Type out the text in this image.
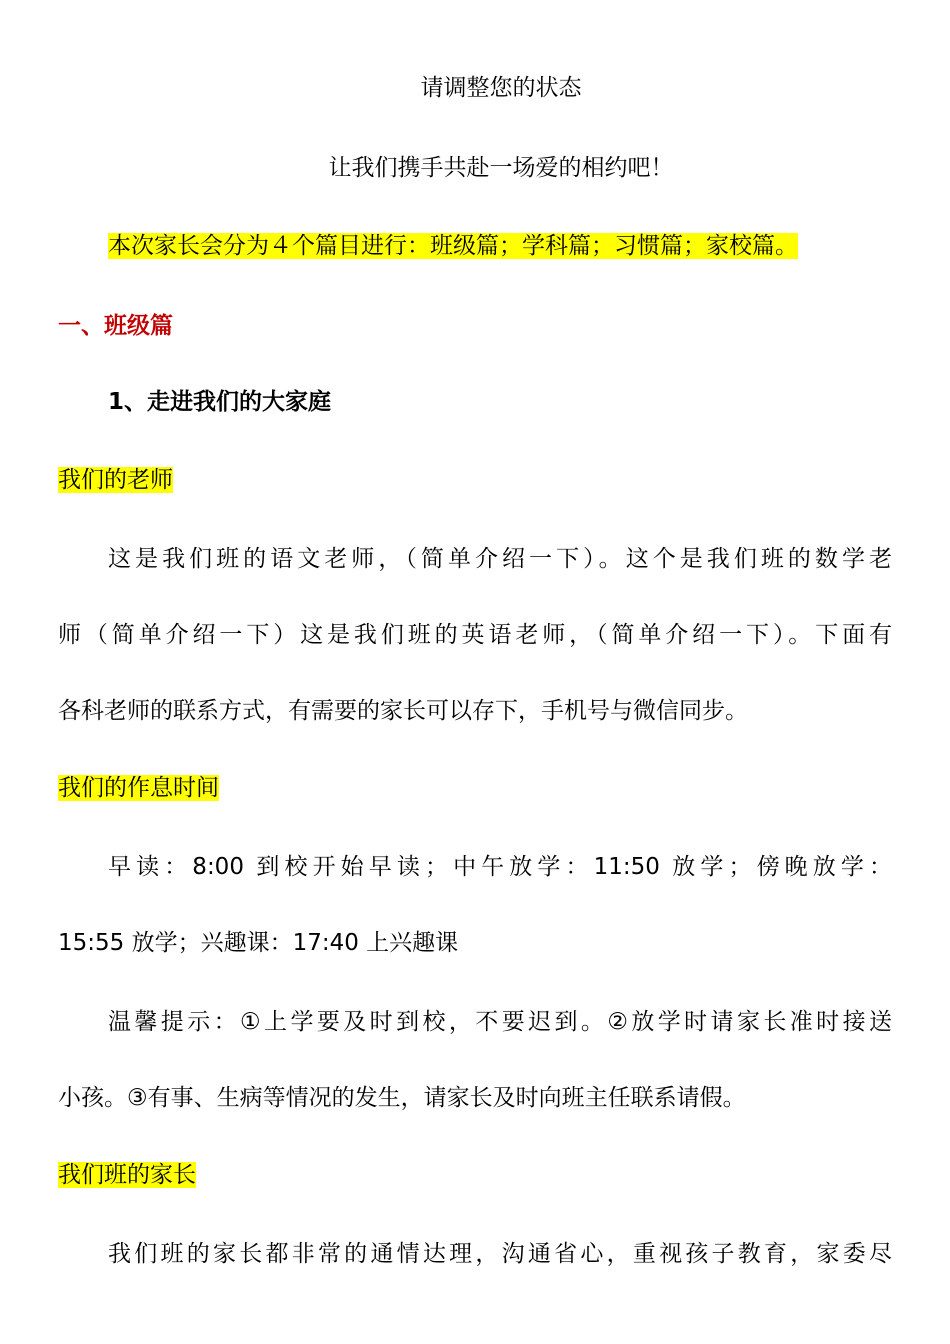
请调整您的状态
让我们携手共赴一场爱的相约吧！
本次家长会分为４个篇目进行：班级篇；学科篇；习惯篇；家校篇。
一、班级篇
1、走进我们的大家庭
我们的老师
这是我们班的语文老师，（简单介绍一下）。这个是我们班的数学老
师（简单介绍一下）这是我们班的英语老师，（简单介绍一下）。下面有
各科老师的联系方式，有需要的家长可以存下，手机号与微信同步。
我们的作息时间
早读：8:00 到校开始早读；中午放学：11:50 放学；傍晚放学：
15:55 放学；兴趣课：17:40 上兴趣课
温馨提示：①上学要及时到校，不要迟到。②放学时请家长准时接送
小孩。③有事、生病等情况的发生，请家长及时向班主任联系请假。
我们班的家长
我们班的家长都非常的通情达理，沟通省心，重视孩子教育，家委尽
